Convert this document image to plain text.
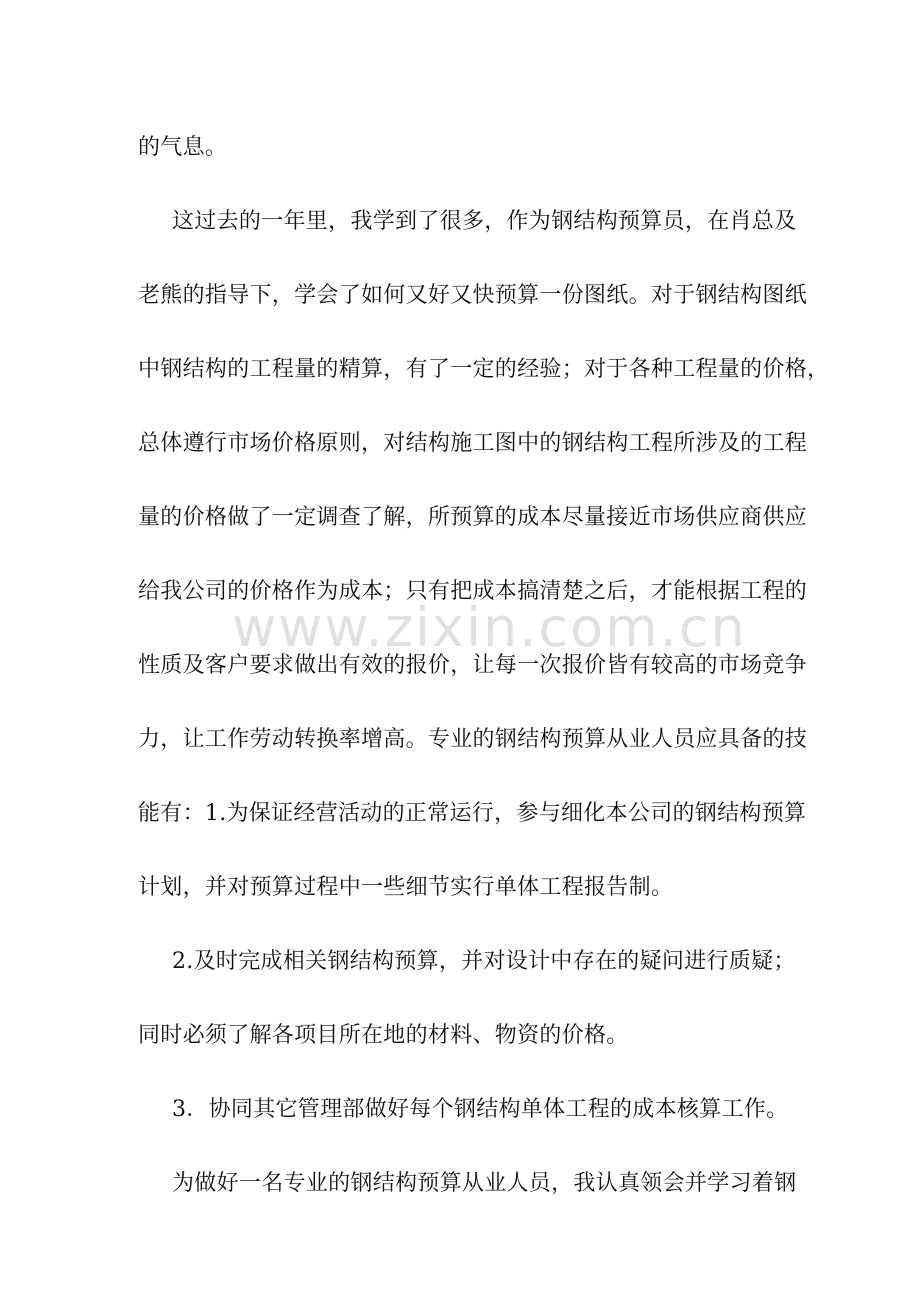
的气息。
这过去的一年里，我学到了很多，作为钢结构预算员，在肖总及
老熊的指导下，学会了如何又好又快预算一份图纸。对于钢结构图纸
中钢结构的工程量的精算，有了一定的经验；对于各种工程量的价格，
总体遵行市场价格原则，对结构施工图中的钢结构工程所涉及的工程
量的价格做了一定调查了解，所预算的成本尽量接近市场供应商供应
给我公司的价格作为成本；只有把成本搞清楚之后，才能根据工程的
性质及客户要求做出有效的报价，让每一次报价皆有较高的市场竞争
力，让工作劳动转换率增高。专业的钢结构预算从业人员应具备的技
能有：1.为保证经营活动的正常运行，参与细化本公司的钢结构预算
计划，并对预算过程中一些细节实行单体工程报告制。
2.及时完成相关钢结构预算，并对设计中存在的疑问进行质疑；
同时必须了解各项目所在地的材料、物资的价格。
3．协同其它管理部做好每个钢结构单体工程的成本核算工作。
为做好一名专业的钢结构预算从业人员，我认真领会并学习着钢
www.zixin.com.cn
